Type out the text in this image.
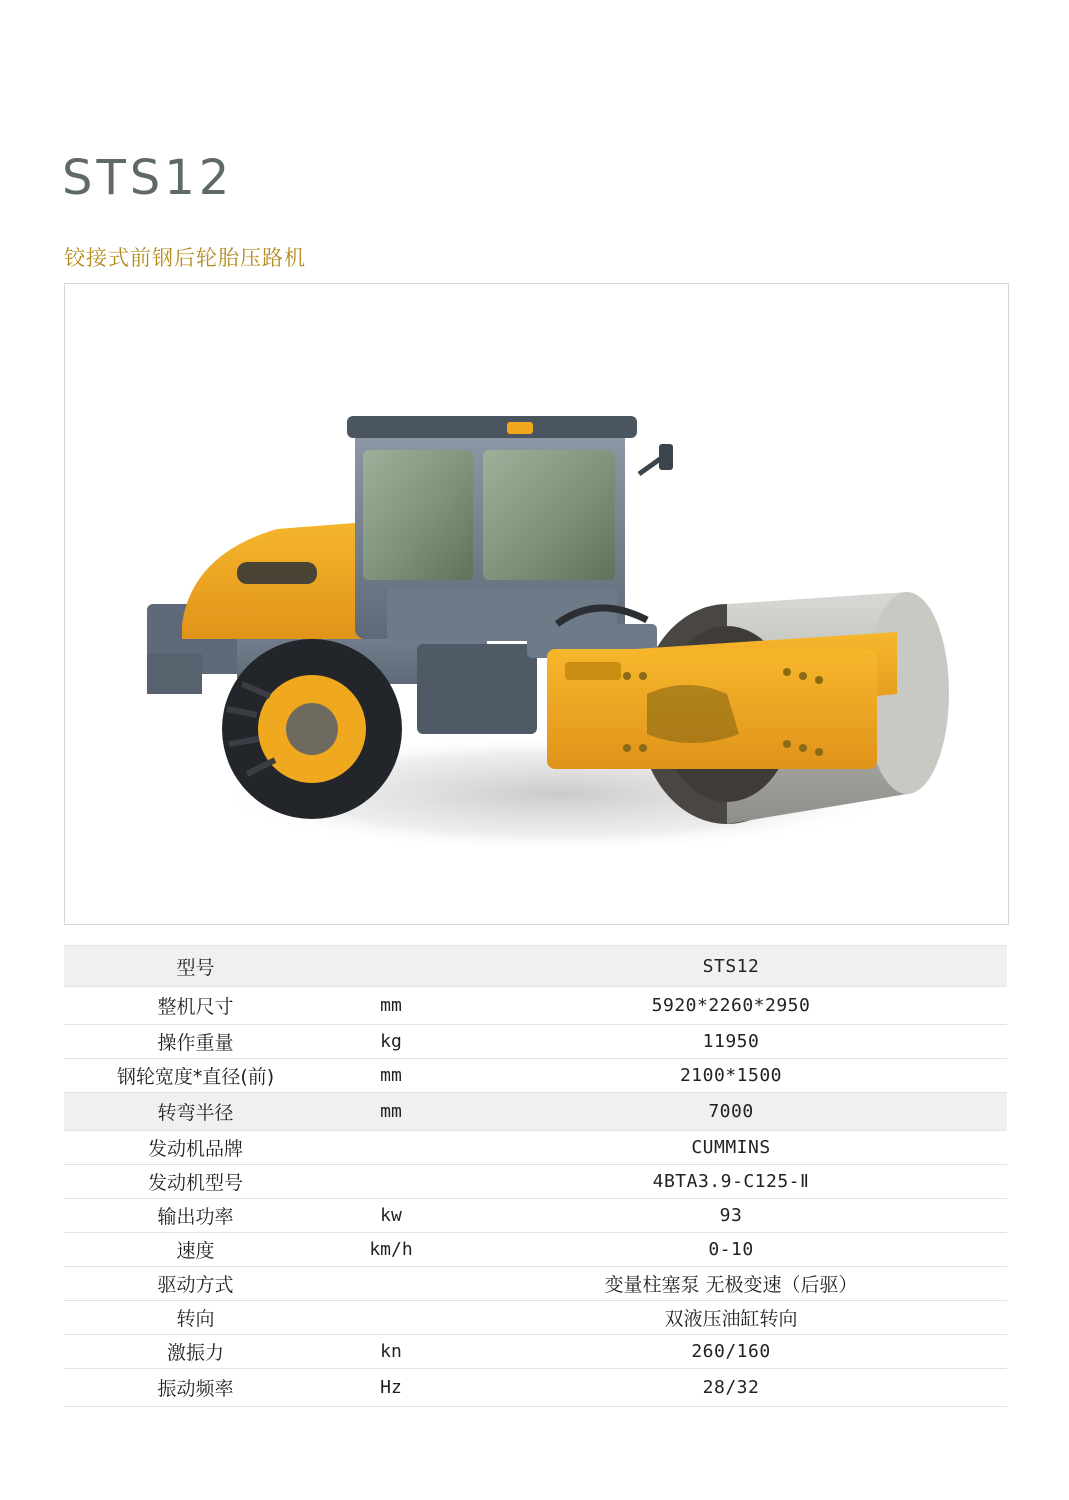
STS12
铰接式前钢后轮胎压路机
型号		STS12
整机尺寸	mm	5920*2260*2950
操作重量	kg	11950
钢轮宽度*直径(前)	mm	2100*1500
转弯半径	mm	7000
发动机品牌		CUMMINS
发动机型号		4BTA3.9-C125-Ⅱ
输出功率	kw	93
速度	km/h	0-10
驱动方式		变量柱塞泵 无极变速（后驱）
转向		双液压油缸转向
激振力	kn	260/160
振动频率	Hz	28/32
